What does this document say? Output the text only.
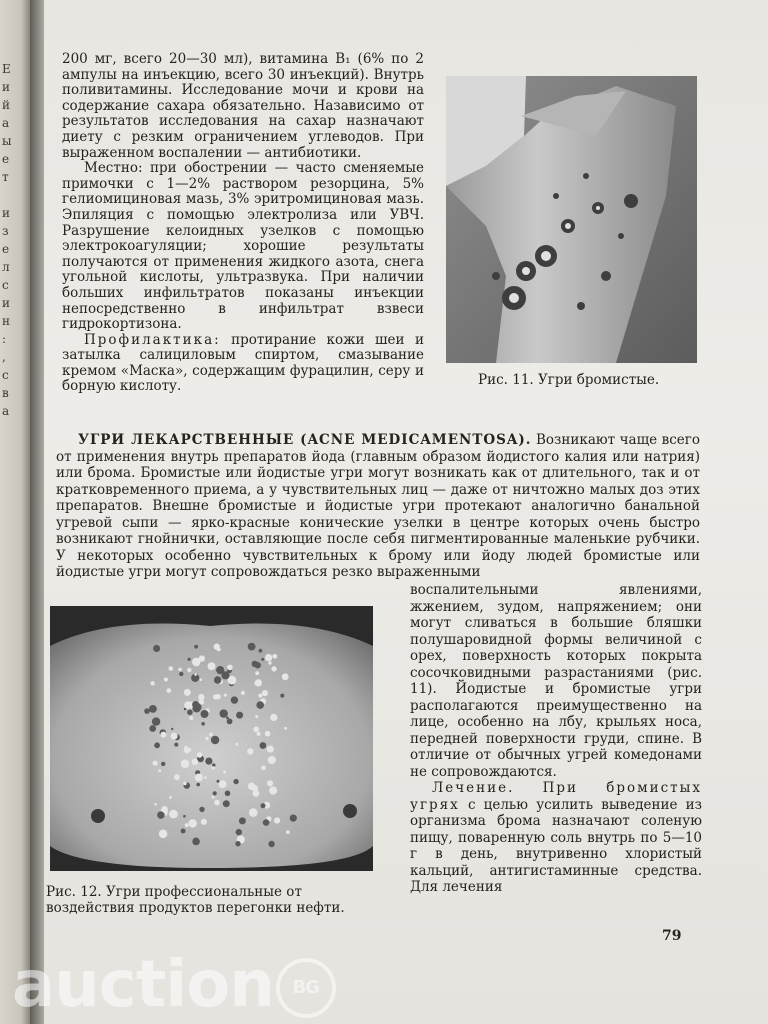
Е
и
й
а
ы
е
т

и
з
е
л
с
и
н
:
,
с
в
а

200 мг, всего 20—30 мл), витамина B₁ (6% по 2 ампулы на инъекцию, всего 30 инъекций). Внутрь поливитамины. Исследование мочи и крови на содержание сахара обязательно. Назависимо от результатов исследования на сахар назначают диету с резким ограничением углеводов. При выраженном воспалении — антибиотики.

Местно: при обострении — часто сменяемые примочки с 1—2% раствором резорцина, 5% гелиомициновая мазь, 3% эритромициновая мазь. Эпиляция с помощью электролиза или УВЧ. Разрушение келоидных узелков с помощью электрокоагуляции; хорошие результаты получаются от применения жидкого азота, снега угольной кислоты, ультразвука. При наличии больших инфильтратов показаны инъекции непосредственно в инфильтрат взвеси гидрокортизона.

Профилактика: протирание кожи шеи и затылка салициловым спиртом, смазывание кремом «Маска», содержащим фурацилин, серу и борную кислоту.	Рис. 11. Угри бромистые.

УГРИ ЛЕКАРСТВЕННЫЕ (ACNE MEDICAMENTOSA). Возникают чаще всего от применения внутрь препаратов йода (главным образом йодистого калия или натрия) или брома. Бромистые или йодистые угри могут возникать как от длительного, так и от кратковременного приема, а у чувствительных лиц — даже от ничтожно малых доз этих препаратов. Внешне бромистые и йодистые угри протекают аналогично банальной угревой сыпи — ярко-красные конические узелки в центре которых очень быстро возникают гнойнички, оставляющие после себя пигментированные маленькие рубчики. У некоторых особенно чувствительных к брому или йоду людей бромистые или йодистые угри могут сопровождаться резко выраженными

Рис. 12. Угри профессиональные от воздействия продуктов перегонки нефти.

воспалительными явлениями, жжением, зудом, напряжением; они могут сливаться в большие бляшки полушаровидной формы величиной с орех, поверхность которых покрыта сосочковидными разрастаниями (рис. 11). Йодистые и бромистые угри располагаются преимущественно на лице, особенно на лбу, крыльях носа, передней поверхности груди, спине. В отличие от обычных угрей комедонами не сопровождаются.

Лечение. При бромистых угрях с целью усилить выведение из организма брома назначают соленую пищу, поваренную соль внутрь по 5—10 г в день, внутривенно хлористый кальций, антигистаминные средства. Для лечения

79
auction BG
